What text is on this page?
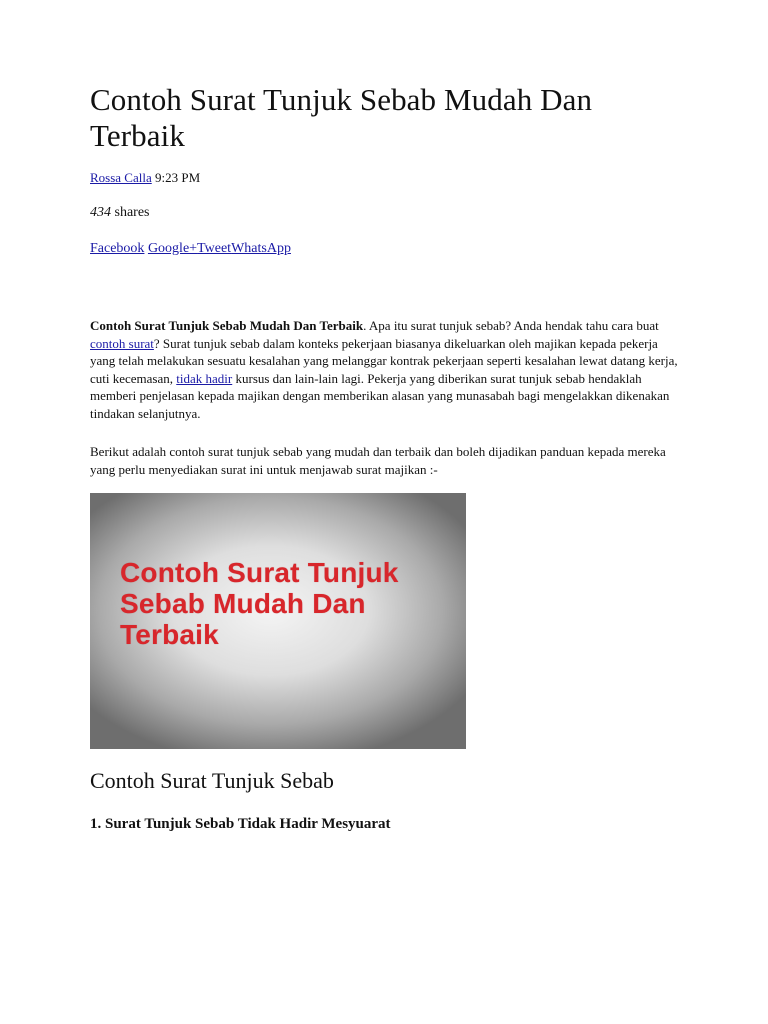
Contoh Surat Tunjuk Sebab Mudah Dan Terbaik
Rossa Calla 9:23 PM
434 shares
Facebook Google+TweetWhatsApp

Contoh Surat Tunjuk Sebab Mudah Dan Terbaik. Apa itu surat tunjuk sebab? Anda hendak tahu cara buat contoh surat? Surat tunjuk sebab dalam konteks pekerjaan biasanya dikeluarkan oleh majikan kepada pekerja yang telah melakukan sesuatu kesalahan yang melanggar kontrak pekerjaan seperti kesalahan lewat datang kerja, cuti kecemasan, tidak hadir kursus dan lain-lain lagi. Pekerja yang diberikan surat tunjuk sebab hendaklah memberi penjelasan kepada majikan dengan memberikan alasan yang munasabah bagi mengelakkan dikenakan tindakan selanjutnya.

Berikut adalah contoh surat tunjuk sebab yang mudah dan terbaik dan boleh dijadikan panduan kepada mereka yang perlu menyediakan surat ini untuk menjawab surat majikan :-

Contoh Surat Tunjuk
Sebab Mudah Dan
Terbaik
Contoh Surat Tunjuk Sebab
1. Surat Tunjuk Sebab Tidak Hadir Mesyuarat
